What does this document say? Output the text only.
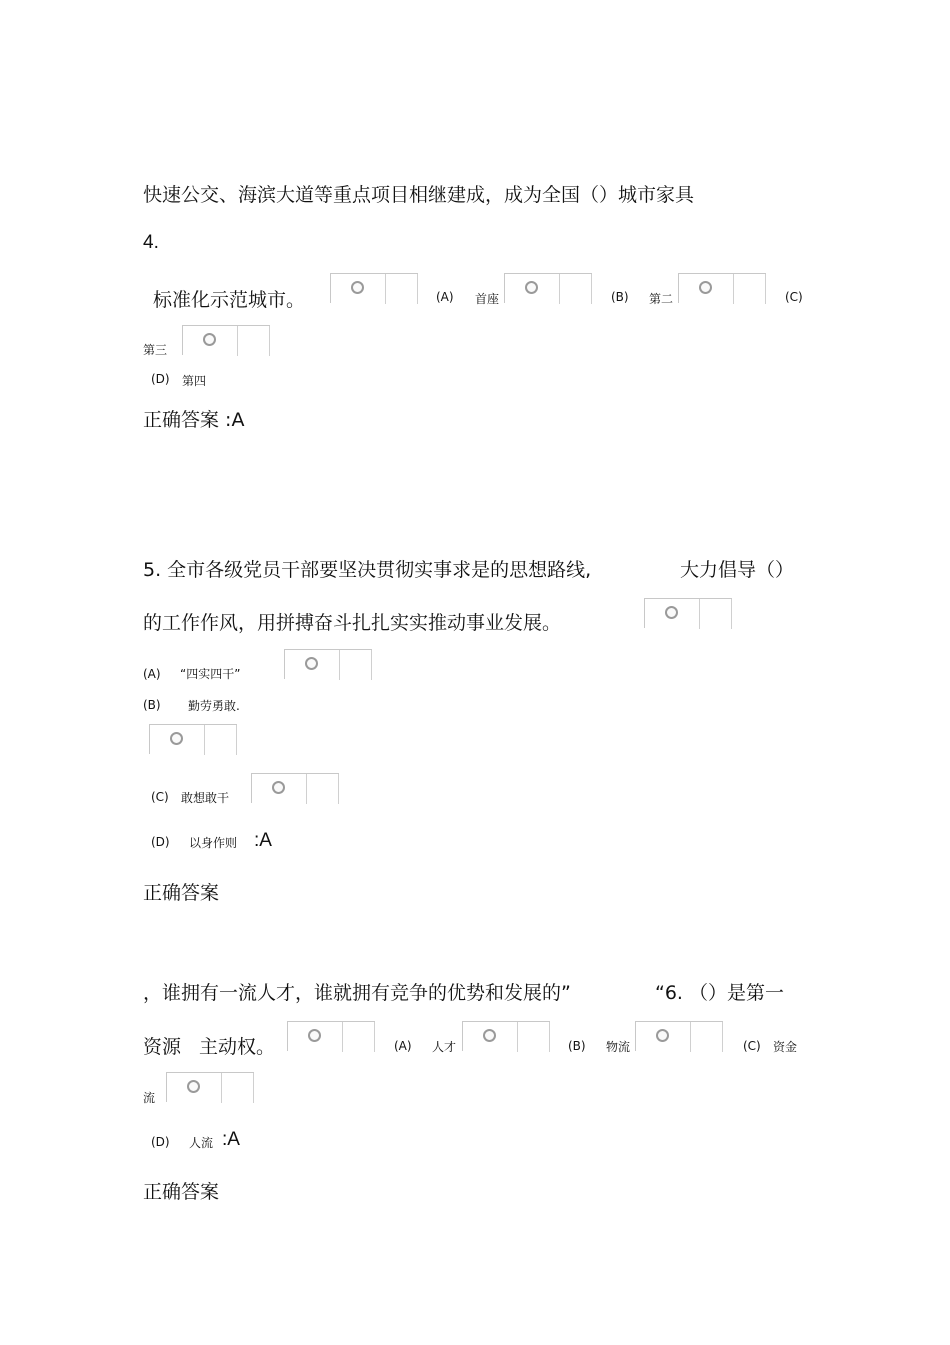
快速公交、海滨大道等重点项目相继建成，成为全国（）城市家具
4.
标准化示范城市。	(A) 首座	(B) 第二	(C)
第三
(D) 第四
正确答案 :A
5. 全市各级党员干部要坚决贯彻实事求是的思想路线,	大力倡导（）
的工作作风，用拼搏奋斗扎扎实实推动事业发展。
(A) “四实四干”
(B) 勤劳勇敢.
(C) 敢想敢干
(D) 以身作则 :A
正确答案
，谁拥有一流人才，谁就拥有竞争的优势和发展的”	“6. （）是第一
资源 主动权。	(A) 人才	(B) 物流	(C) 资金
流
(D) 人流 :A
正确答案
